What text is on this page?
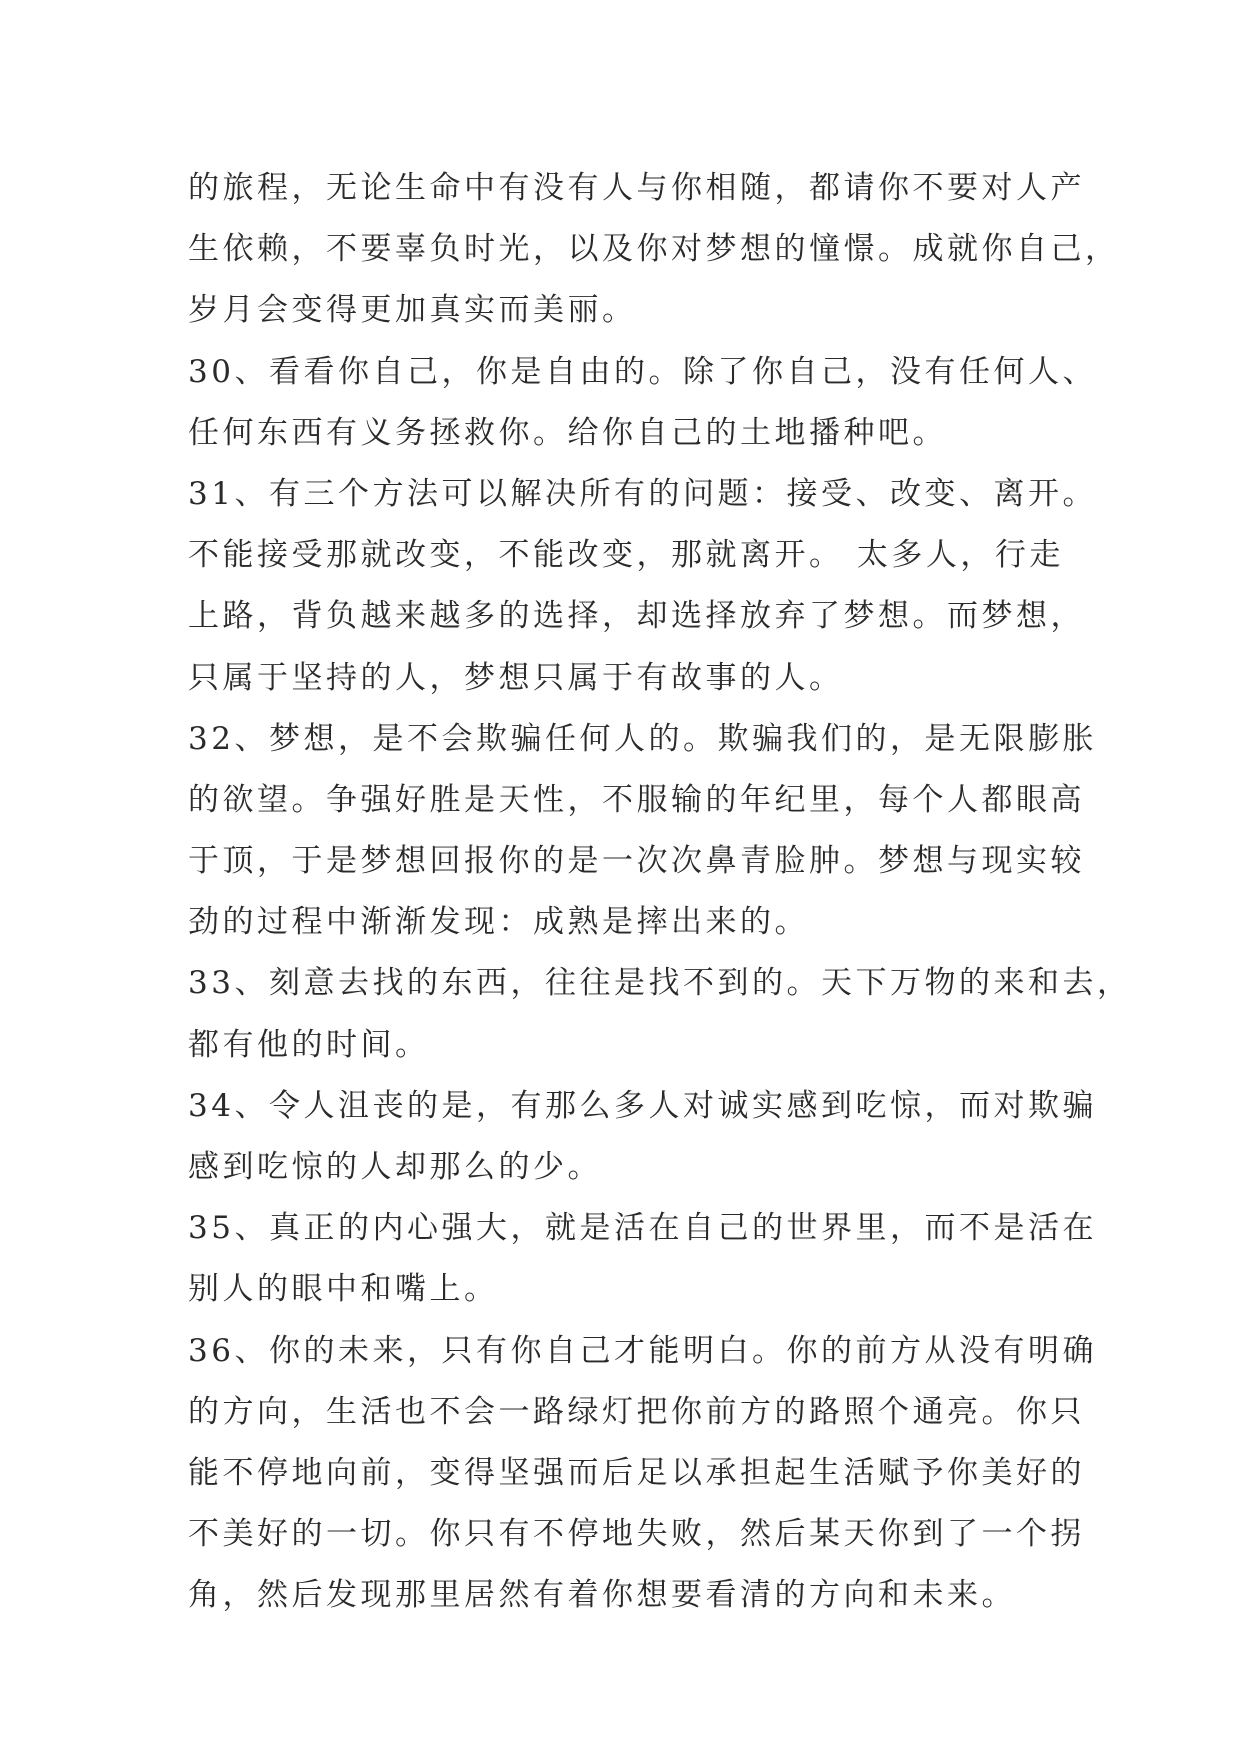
的旅程，无论生命中有没有人与你相随，都请你不要对人产
生依赖，不要辜负时光，以及你对梦想的憧憬。成就你自己，
岁月会变得更加真实而美丽。
30、看看你自己，你是自由的。除了你自己，没有任何人、
任何东西有义务拯救你。给你自己的土地播种吧。
31、有三个方法可以解决所有的问题：接受、改变、离开。
不能接受那就改变，不能改变，那就离开。 太多人，行走
上路，背负越来越多的选择，却选择放弃了梦想。而梦想，
只属于坚持的人，梦想只属于有故事的人。
32、梦想，是不会欺骗任何人的。欺骗我们的，是无限膨胀
的欲望。争强好胜是天性，不服输的年纪里，每个人都眼高
于顶，于是梦想回报你的是一次次鼻青脸肿。梦想与现实较
劲的过程中渐渐发现：成熟是摔出来的。
33、刻意去找的东西，往往是找不到的。天下万物的来和去，
都有他的时间。
34、令人沮丧的是，有那么多人对诚实感到吃惊，而对欺骗
感到吃惊的人却那么的少。
35、真正的内心强大，就是活在自己的世界里，而不是活在
别人的眼中和嘴上。
36、你的未来，只有你自己才能明白。你的前方从没有明确
的方向，生活也不会一路绿灯把你前方的路照个通亮。你只
能不停地向前，变得坚强而后足以承担起生活赋予你美好的
不美好的一切。你只有不停地失败，然后某天你到了一个拐
角，然后发现那里居然有着你想要看清的方向和未来。
